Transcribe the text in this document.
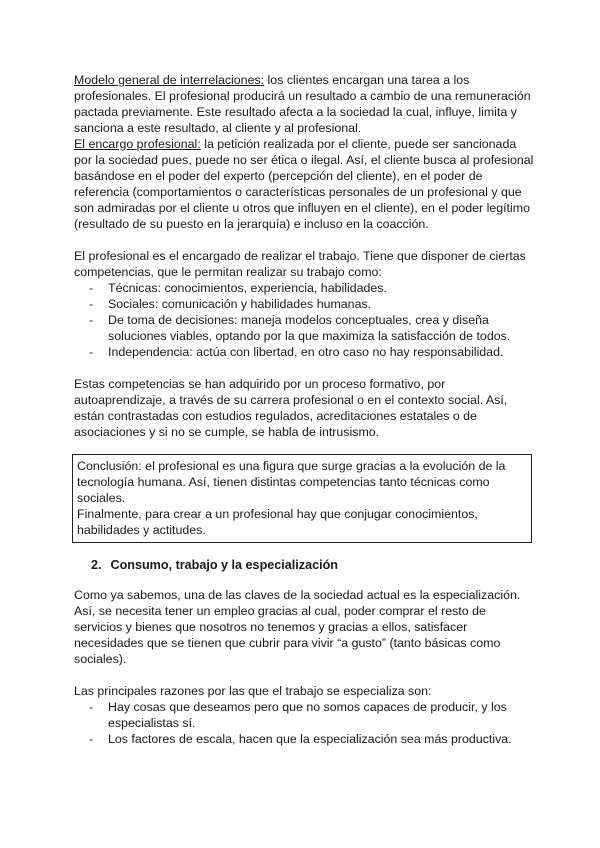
Modelo general de interrelaciones: los clientes encargan una tarea a los profesionales. El profesional producirá un resultado a cambio de una remuneración pactada previamente. Este resultado afecta a la sociedad la cual, influye, limita y sanciona a este resultado, al cliente y al profesional.

El encargo profesional: la petición realizada por el cliente, puede ser sancionada por la sociedad pues, puede no ser ética o ilegal. Así, el cliente busca al profesional basándose en el poder del experto (percepción del cliente), en el poder de referencia (comportamientos o características personales de un profesional y que son admiradas por el cliente u otros que influyen en el cliente), en el poder legítimo (resultado de su puesto en la jerarquía) e incluso en la coacción.

El profesional es el encargado de realizar el trabajo. Tiene que disponer de ciertas competencias, que le permitan realizar su trabajo como:

- Técnicas: conocimientos, experiencia, habilidades.
- Sociales: comunicación y habilidades humanas.
- De toma de decisiones: maneja modelos conceptuales, crea y diseña soluciones viables, optando por la que maximiza la satisfacción de todos.
- Independencia: actúa con libertad, en otro caso no hay responsabilidad.

Estas competencias se han adquirido por un proceso formativo, por autoaprendizaje, a través de su carrera profesional o en el contexto social. Así, están contrastadas con estudios regulados, acreditaciones estatales o de asociaciones y si no se cumple, se habla de intrusismo.

Conclusión: el profesional es una figura que surge gracias a la evolución de la tecnología humana. Así, tienen distintas competencias tanto técnicas como sociales.

Finalmente, para crear a un profesional hay que conjugar conocimientos, habilidades y actitudes.

2. Consumo, trabajo y la especialización

Como ya sabemos, una de las claves de la sociedad actual es la especialización. Así, se necesita tener un empleo gracias al cual, poder comprar el resto de servicios y bienes que nosotros no tenemos y gracias a ellos, satisfacer necesidades que se tienen que cubrir para vivir “a gusto” (tanto básicas como sociales).

Las principales razones por las que el trabajo se especializa son:

- Hay cosas que deseamos pero que no somos capaces de producir, y los especialistas sí.
- Los factores de escala, hacen que la especialización sea más productiva.
